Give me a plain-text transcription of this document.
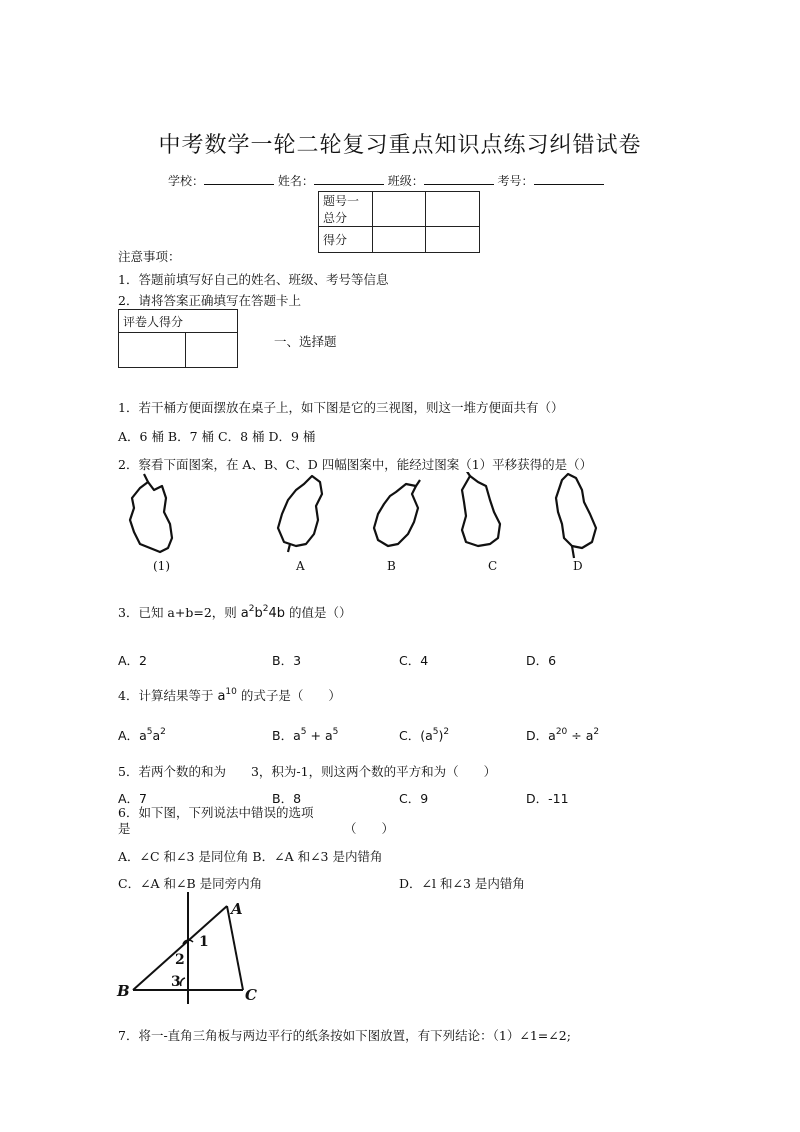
中考数学一轮二轮复习重点知识点练习纠错试卷
学校：	姓名：	班级：	考号：
题号一总分		
得分		
注意事项：
1．答题前填写好自己的姓名、班级、考号等信息
2．请将答案正确填写在答题卡上
评卷人得分

一、选择题
1．若干桶方便面摆放在桌子上，如下图是它的三视图，则这一堆方便面共有（）
A．6 桶 B．7 桶 C．8 桶 D．9 桶
2．察看下面图案，在 A、B、C、D 四幅图案中，能经过图案（1）平移获得的是（）
(1)	A	B	C	D
3．已知 a+b=2，则 $a^2b^24b$ 的值是（）
A．2	B．3	C．4	D．6
4．计算结果等于 $a^{10}$ 的式子是（　　）
A．$a^5a^2$	B．$a^5 + a^5$	C．$(a^5)^2$	D．$a^{20} \div a^2$
5．若两个数的和为　　3，积为-1，则这两个数的平方和为（　　）
A．7	B．8	C．9	D．-11
6．如下图，下列说法中错误的选项
是	（　　）
A．∠C 和∠3 是同位角 B．∠A 和∠3 是内错角
C．∠A 和∠B 是同旁内角	D．∠l 和∠3 是内错角
A
B	C
1
2
3
7．将一-直角三角板与两边平行的纸条按如下图放置，有下列结论：（1）∠1=∠2;
